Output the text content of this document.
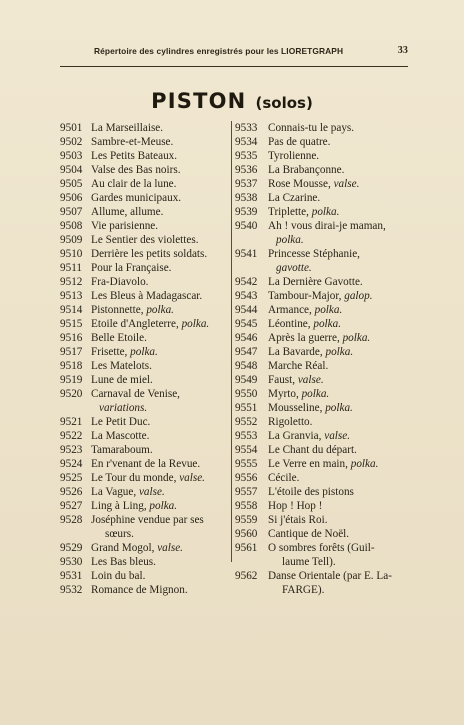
Répertoire des cylindres enregistrés pour les LIORETGRAPH	33
PISTON (solos)
9501 La Marseillaise.
9502 Sambre-et-Meuse.
9503 Les Petits Bateaux.
9504 Valse des Bas noirs.
9505 Au clair de la lune.
9506 Gardes municipaux.
9507 Allume, allume.
9508 Vie parisienne.
9509 Le Sentier des violettes.
9510 Derrière les petits soldats.
9511 Pour la Française.
9512 Fra-Diavolo.
9513 Les Bleus à Madagascar.
9514 Pistonnette, polka.
9515 Etoile d'Angleterre, polka.
9516 Belle Etoile.
9517 Frisette, polka.
9518 Les Matelots.
9519 Lune de miel.
9520 Carnaval de Venise,
variations.
9521 Le Petit Duc.
9522 La Mascotte.
9523 Tamaraboum.
9524 En r'venant de la Revue.
9525 Le Tour du monde, valse.
9526 La Vague, valse.
9527 Ling à Ling, polka.
9528 Joséphine vendue par ses
sœurs.
9529 Grand Mogol, valse.
9530 Les Bas bleus.
9531 Loin du bal.
9532 Romance de Mignon.
9533 Connais-tu le pays.
9534 Pas de quatre.
9535 Tyrolienne.
9536 La Brabançonne.
9537 Rose Mousse, valse.
9538 La Czarine.
9539 Triplette, polka.
9540 Ah ! vous dirai-je maman,
polka.
9541 Princesse Stéphanie,
gavotte.
9542 La Dernière Gavotte.
9543 Tambour-Major, galop.
9544 Armance, polka.
9545 Léontine, polka.
9546 Après la guerre, polka.
9547 La Bavarde, polka.
9548 Marche Réal.
9549 Faust, valse.
9550 Myrto, polka.
9551 Mousseline, polka.
9552 Rigoletto.
9553 La Granvia, valse.
9554 Le Chant du départ.
9555 Le Verre en main, polka.
9556 Cécile.
9557 L'étoile des pistons
9558 Hop ! Hop !
9559 Si j'étais Roi.
9560 Cantique de Noël.
9561 O sombres forêts (Guil-
laume Tell).
9562 Danse Orientale (par E. La-
FARGE).
